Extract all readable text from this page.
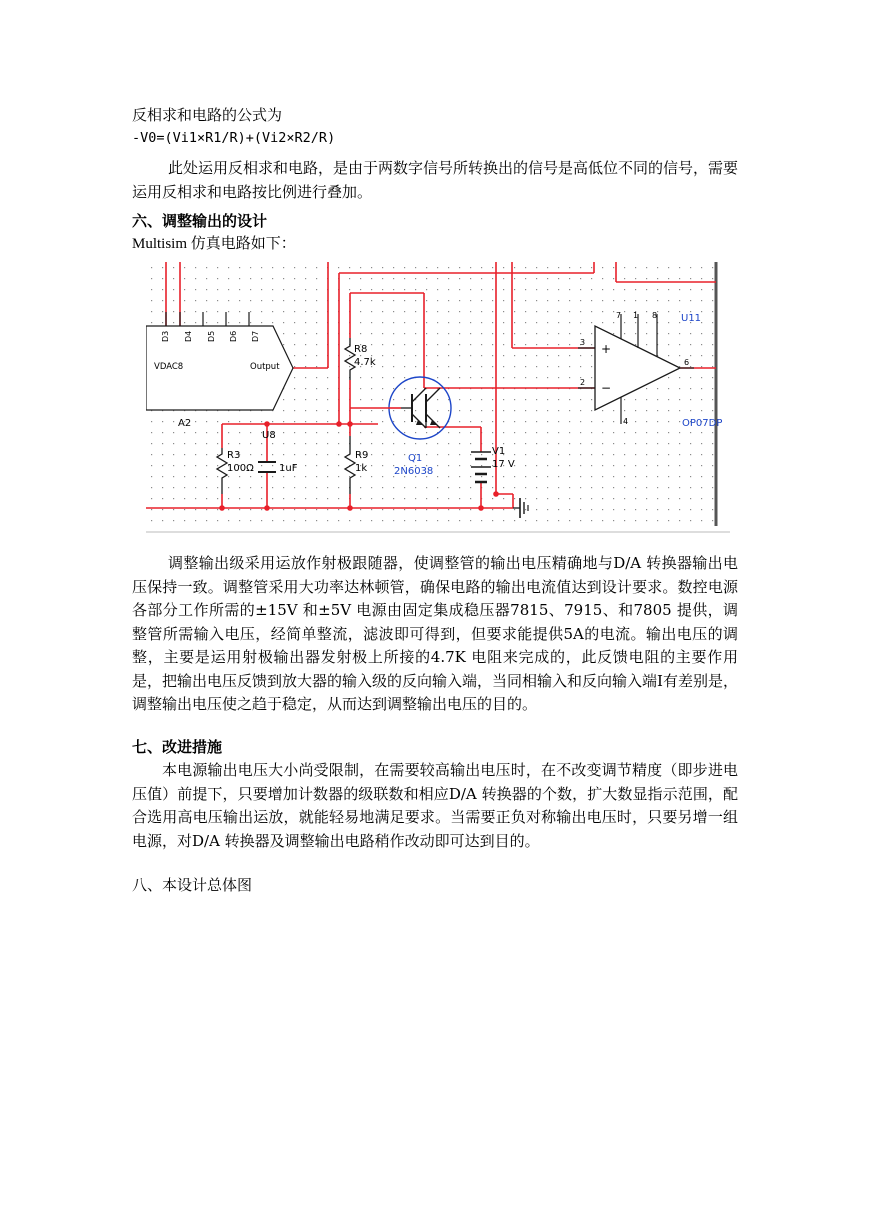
反相求和电路的公式为
-V0=(Vi1×R1/R)+(Vi2×R2/R)
此处运用反相求和电路，是由于两数字信号所转换出的信号是高低位不同的信号，需要运用反相求和电路按比例进行叠加。
六、调整输出的设计
Multisim 仿真电路如下：
D3 D4 D5 D6 D7
VDAC8	Output
A2
R8
4.7k
Q1
2N6038
R3
100Ω
U8
1uF
R9
1k
V1
17 V
+
−
3
2
7 1 8
4
6
U11
OP07DP
调整输出级采用运放作射极跟随器，使调整管的输出电压精确地与D/A 转换器输出电压保持一致。调整管采用大功率达林顿管，确保电路的输出电流值达到设计要求。数控电源各部分工作所需的±15V 和±5V 电源由固定集成稳压器7815、7915、和7805 提供，调整管所需输入电压，经简单整流，滤波即可得到，但要求能提供5A的电流。输出电压的调整，主要是运用射极输出器发射极上所接的4.7K 电阻来完成的，此反馈电阻的主要作用是，把输出电压反馈到放大器的输入级的反向输入端，当同相输入和反向输入端I有差别是，调整输出电压使之趋于稳定，从而达到调整输出电压的目的。
七、改进措施
本电源输出电压大小尚受限制，在需要较高输出电压时，在不改变调节精度（即步进电压值）前提下，只要增加计数器的级联数和相应D/A 转换器的个数，扩大数显指示范围，配合选用高电压输出运放，就能轻易地满足要求。当需要正负对称输出电压时，只要另增一组电源，对D/A 转换器及调整输出电路稍作改动即可达到目的。
八、本设计总体图
